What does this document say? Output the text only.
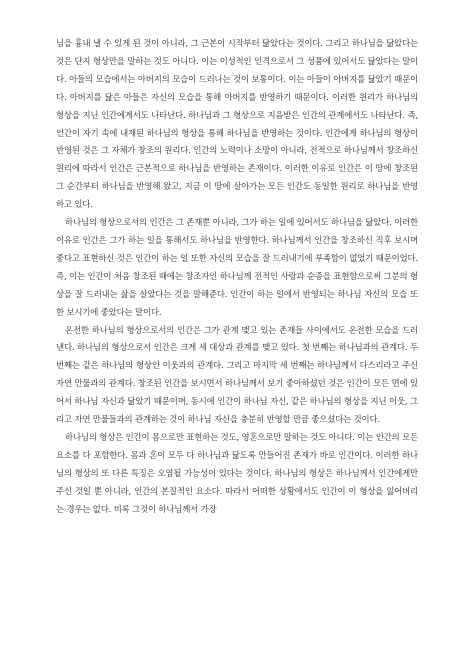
님을 흉내 낼 수 있게 된 것이 아니라, 그 근본이 시작부터 닮았다는 것이다. 그리고 하나님을 닮았다는 것은 단지 형상만을 말하는 것도 아니다. 이는 이성적인 인격으로서 그 성품에 있어서도 닮았다는 말이다. 아들의 모습에서는 아버지의 모습이 드러나는 것이 보통이다. 이는 아들이 아버지를 닮았기 때문이다. 아버지를 닮은 아들은 자신의 모습을 통해 아버지를 반영하기 때문이다. 이러한 원리가 하나님의 형상을 지닌 인간에게서도 나타난다. 하나님과 그 형상으로 지음받은 인간의 관계에서도 나타난다. 즉, 인간이 자기 속에 내재된 하나님의 형상을 통해 하나님을 반영하는 것이다. 인간에게 하나님의 형상이 반영된 것은 그 자체가 창조의 원리다. 인간의 노력이나 소망이 아니라, 전적으로 하나님께서 창조하신 원리에 따라서 인간은 근본적으로 하나님을 반영하는 존재이다. 이러한 이유로 인간은 이 땅에 창조된 그 순간부터 하나님을 반영해 왔고, 지금 이 땅에 살아가는 모든 인간도 동일한 원리로 하나님을 반영하고 있다.

하나님의 형상으로서의 인간은 그 존재뿐 아니라, 그가 하는 일에 있어서도 하나님을 닮았다. 이러한 이유로 인간은 그가 하는 일을 통해서도 하나님을 반영한다. 하나님께서 인간을 창조하신 직후 보시며 좋다고 표현하신 것은 인간이 하는 일 또한 자신의 모습을 잘 드러내기에 부족함이 없었기 때문이었다. 즉, 이는 인간이 처음 창조된 때에는 창조자인 하나님께 전적인 사랑과 순종을 표현함으로써 그분의 형상을 잘 드러내는 삶을 살았다는 것을 말해준다. 인간이 하는 일에서 반영되는 하나님 자신의 모습 또한 보시기에 좋았다는 말이다.

온전한 하나님의 형상으로서의 인간은 그가 관계 맺고 있는 존재들 사이에서도 온전한 모습을 드러낸다. 하나님의 형상으로서 인간은 크게 세 대상과 관계를 맺고 있다. 첫 번째는 하나님과의 관계다. 두 번째는 같은 하나님의 형상인 이웃과의 관계다. 그리고 마지막 세 번째는 하나님께서 다스리라고 주신 자연 만물과의 관계다. 창조된 인간을 보시면서 하나님께서 보기 좋아하셨던 것은 인간이 모든 면에 있어서 하나님 자신과 닮았기 때문이며, 동시에 인간이 하나님 자신, 같은 하나님의 형상을 지닌 이웃, 그리고 자연 만물들과의 관계하는 것이 하나님 자신을 충분히 반영할 만큼 좋으셨다는 것이다.

하나님의 형상은 인간이 몸으로만 표현하는 것도, 영혼으로만 말하는 것도 아니다. 이는 인간의 모든 요소를 다 포함한다. 몸과 혼이 모두 다 하나님과 닮도록 만들어진 존재가 바로 인간이다. 이러한 하나님의 형상의 또 다른 특징은 오염될 가능성이 있다는 것이다. 하나님의 형상은 하나님께서 인간에게만 주신 것일 뿐 아니라, 인간의 본질적인 요소다. 따라서 어떠한 상황에서도 인간이 이 형상을 잃어버리는 경우는 없다. 비록 그것이 하나님께서 가장
